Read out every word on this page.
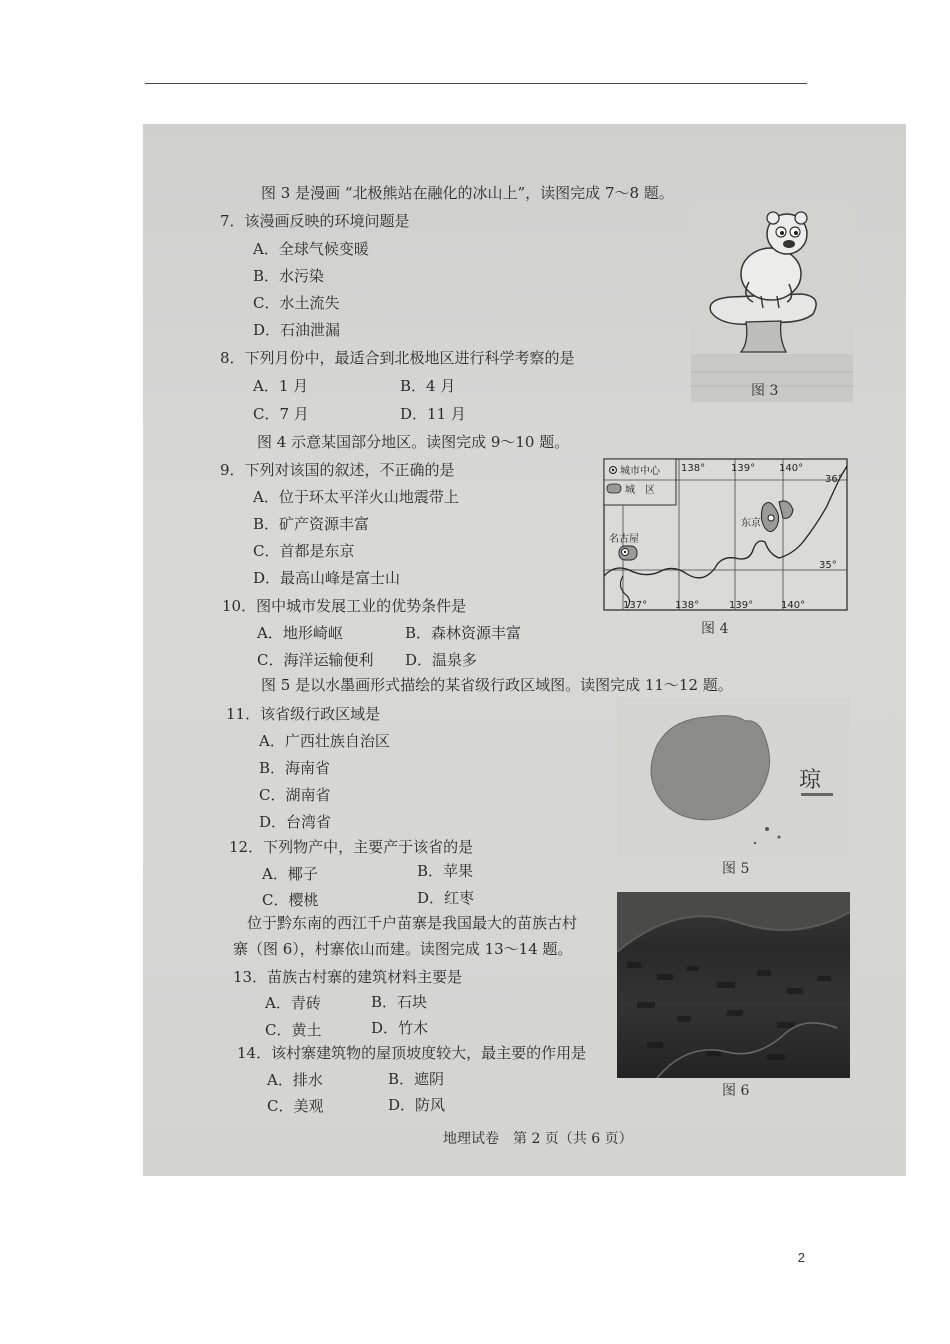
图 3 是漫画 “北极熊站在融化的冰山上”，读图完成 7～8 题。
7．该漫画反映的环境问题是
A．全球气候变暖
B．水污染
C．水土流失
D．石油泄漏
8．下列月份中，最适合到北极地区进行科学考察的是
A．1 月	B．4 月
C．7 月	D．11 月
图 3
图 4 示意某国部分地区。读图完成 9～10 题。
9．下列对该国的叙述，不正确的是
A．位于环太平洋火山地震带上
B．矿产资源丰富
C．首都是东京
D．最高山峰是富士山
10．图中城市发展工业的优势条件是
A．地形崎岖	B．森林资源丰富
C．海洋运输便利 D．温泉多
城市中心
城　区
名古屋
东京
138°	139° 140°
36°
35°
137°	138°	139°	140°
图 4
图 5 是以水墨画形式描绘的某省级行政区域图。读图完成 11～12 题。
11．该省级行政区域是
A．广西壮族自治区
B．海南省
C．湖南省
D．台湾省
12．下列物产中，主要产于该省的是
A．椰子	B．苹果
C．樱桃	D．红枣
琼
图 5
位于黔东南的西江千户苗寨是我国最大的苗族古村
寨（图 6），村寨依山而建。读图完成 13～14 题。
13．苗族古村寨的建筑材料主要是
A．青砖	B．石块
C．黄土	D．竹木
14．该村寨建筑物的屋顶坡度较大，最主要的作用是
A．排水	B．遮阴
C．美观	D．防风
图 6
地理试卷　第 2 页（共 6 页）
2
